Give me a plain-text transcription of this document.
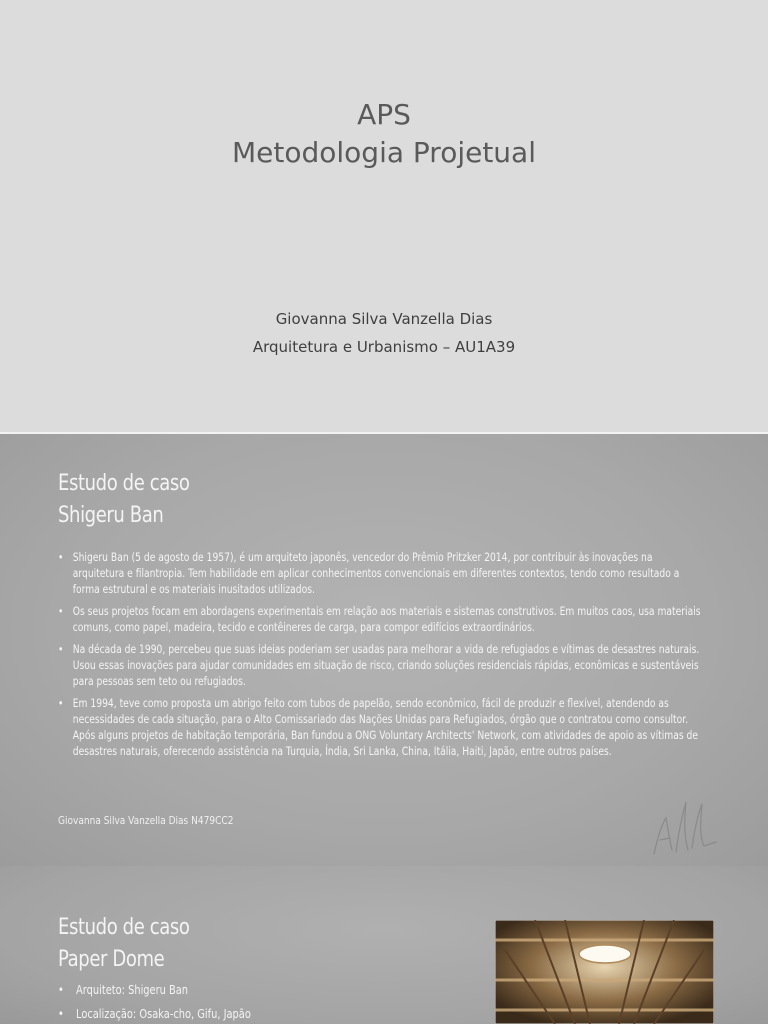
APS
Metodologia Projetual
Giovanna Silva Vanzella Dias
Arquitetura e Urbanismo – AU1A39
Estudo de caso
Shigeru Ban
• Shigeru Ban (5 de agosto de 1957), é um arquiteto japonês, vencedor do Prêmio Pritzker 2014, por contribuir às inovações na arquitetura e filantropia. Tem habilidade em aplicar conhecimentos convencionais em diferentes contextos, tendo como resultado a forma estrutural e os materiais inusitados utilizados.
• Os seus projetos focam em abordagens experimentais em relação aos materiais e sistemas construtivos. Em muitos caos, usa materiais comuns, como papel, madeira, tecido e contêineres de carga, para compor edifícios extraordinários.
• Na década de 1990, percebeu que suas ideias poderiam ser usadas para melhorar a vida de refugiados e vítimas de desastres naturais. Usou essas inovações para ajudar comunidades em situação de risco, criando soluções residenciais rápidas, econômicas e sustentáveis para pessoas sem teto ou refugiados.
• Em 1994, teve como proposta um abrigo feito com tubos de papelão, sendo econômico, fácil de produzir e flexível, atendendo as necessidades de cada situação, para o Alto Comissariado das Nações Unidas para Refugiados, órgão que o contratou como consultor. Após alguns projetos de habitação temporária, Ban fundou a ONG Voluntary Architects' Network, com atividades de apoio as vítimas de desastres naturais, oferecendo assistência na Turquia, Índia, Sri Lanka, China, Itália, Haiti, Japão, entre outros países.
Giovanna Silva Vanzella Dias N479CC2
Estudo de caso
Paper Dome
• Arquiteto: Shigeru Ban
• Localização: Osaka-cho, Gifu, Japão
